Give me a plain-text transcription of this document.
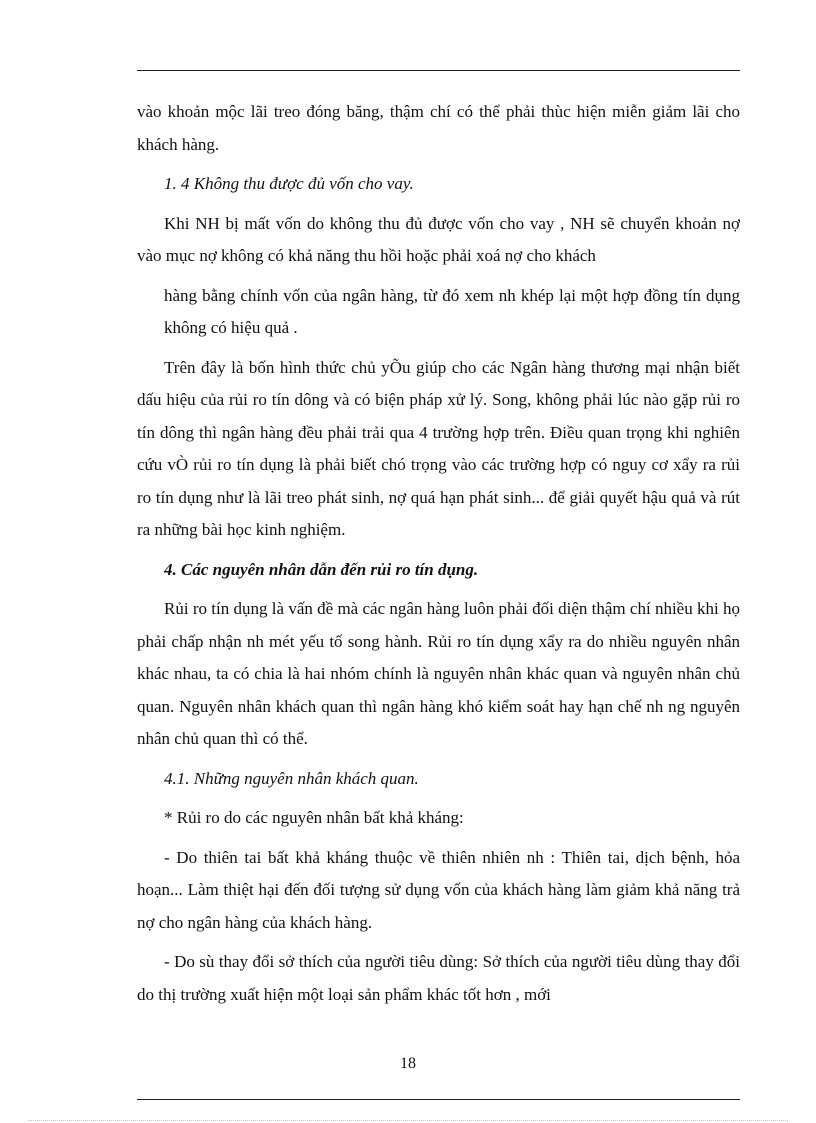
vào khoản mộc lãi treo đóng băng, thậm chí có thể phải thùc hiện miễn giảm lãi cho khách hàng.

1. 4 Không thu được đủ vốn cho vay.

Khi NH bị mất vốn do không thu đủ được vốn cho vay , NH sẽ chuyển khoản nợ vào mục nợ không có khả năng thu hồi hoặc phải xoá nợ cho khách

hàng bằng chính vốn của ngân hàng, từ đó xem nh khép lại một hợp đồng tín dụng không có hiệu quả .

Trên đây là bốn hình thức chủ yÕu giúp cho các Ngân hàng thương mại nhận biết dấu hiệu của rủi ro tín dông và có biện pháp xử lý. Song, không phải lúc nào gặp rủi ro tín dông thì ngân hàng đều phải trải qua 4 trường hợp trên. Điều quan trọng khi nghiên cứu vÒ rủi ro tín dụng là phải biết chó trọng vào các trường hợp có nguy cơ xẩy ra rủi ro tín dụng như là lãi treo phát sinh, nợ quá hạn phát sinh... để giải quyết hậu quả và rút ra những bài học kinh nghiệm.

4. Các nguyên nhân dẫn đến rủi ro tín dụng.

Rủi ro tín dụng là vấn đề mà các ngân hàng luôn phải đối diện thậm chí nhiều khi họ phải chấp nhận nh mét yếu tố song hành. Rủi ro tín dụng xẩy ra do nhiều nguyên nhân khác nhau, ta có chia là hai nhóm chính là nguyên nhân khác quan và nguyên nhân chủ quan. Nguyên nhân khách quan thì ngân hàng khó kiểm soát hay hạn chế nh ng nguyên nhân chủ quan thì có thể.

4.1. Những nguyên nhân khách quan.

* Rủi ro do các nguyên nhân bất khả kháng:

- Do thiên tai bất khả kháng thuộc về thiên nhiên nh : Thiên tai, dịch bệnh, hỏa hoạn... Làm thiệt hại đến đối tượng sử dụng vốn của khách hàng làm giảm khả năng trả nợ cho ngân hàng của khách hàng.

- Do sù thay đổi sở thích của người tiêu dùng: Sở thích của người tiêu dùng thay đổi do thị trường xuất hiện một loại sản phẩm khác tốt hơn , mới

18
